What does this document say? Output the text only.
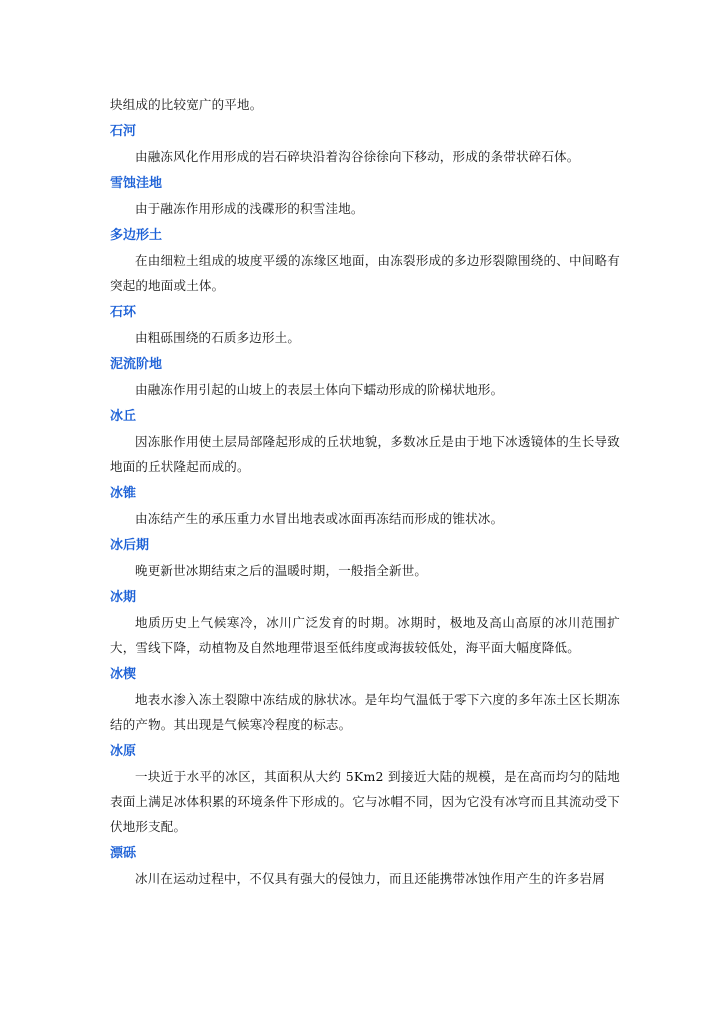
块组成的比较宽广的平地。

石河

由融冻风化作用形成的岩石碎块沿着沟谷徐徐向下移动，形成的条带状碎石体。

雪蚀洼地

由于融冻作用形成的浅碟形的积雪洼地。

多边形土

在由细粒土组成的坡度平缓的冻缘区地面，由冻裂形成的多边形裂隙围绕的、中间略有突起的地面或土体。

石环

由粗砾围绕的石质多边形土。

泥流阶地

由融冻作用引起的山坡上的表层土体向下蠕动形成的阶梯状地形。

冰丘

因冻胀作用使土层局部隆起形成的丘状地貌，多数冰丘是由于地下冰透镜体的生长导致地面的丘状隆起而成的。

冰锥

由冻结产生的承压重力水冒出地表或冰面再冻结而形成的锥状冰。

冰后期

晚更新世冰期结束之后的温暖时期，一般指全新世。

冰期

地质历史上气候寒冷，冰川广泛发育的时期。冰期时，极地及高山高原的冰川范围扩大，雪线下降，动植物及自然地理带退至低纬度或海拔较低处，海平面大幅度降低。

冰楔

地表水渗入冻土裂隙中冻结成的脉状冰。是年均气温低于零下六度的多年冻土区长期冻结的产物。其出现是气候寒冷程度的标志。

冰原

一块近于水平的冰区，其面积从大约 5Km2 到接近大陆的规模，是在高而均匀的陆地表面上满足冰体积累的环境条件下形成的。它与冰帽不同，因为它没有冰穹而且其流动受下伏地形支配。

漂砾

冰川在运动过程中，不仅具有强大的侵蚀力，而且还能携带冰蚀作用产生的许多岩屑
